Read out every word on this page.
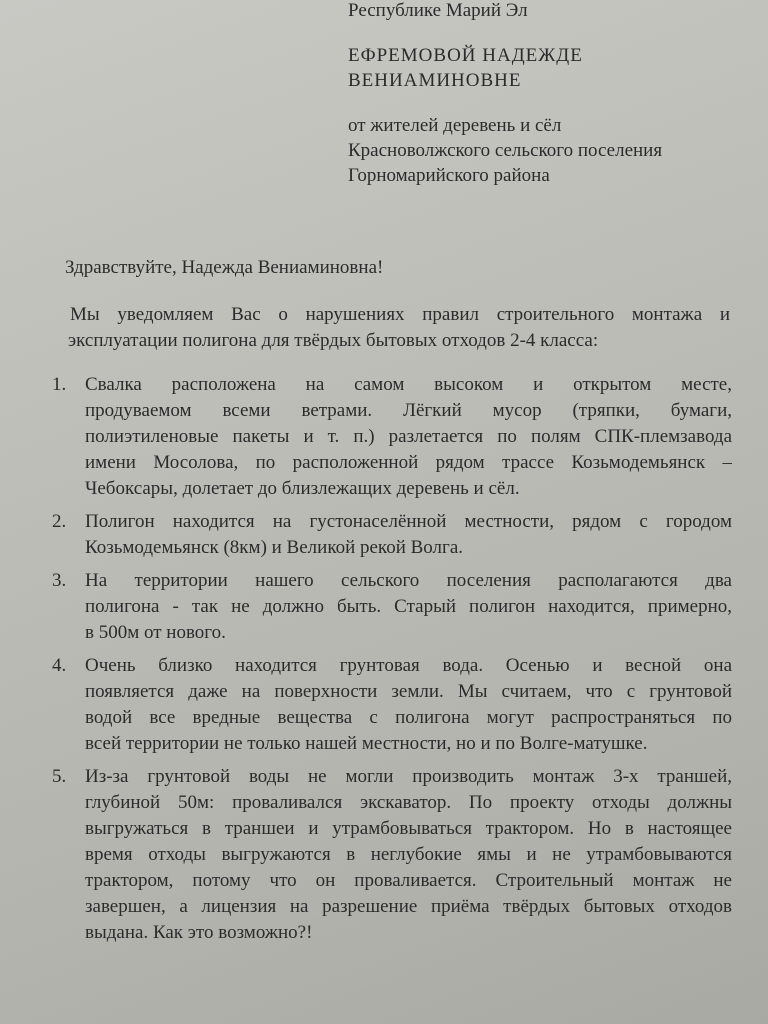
Республике Марий Эл
ЕФРЕМОВОЙ НАДЕЖДЕ
ВЕНИАМИНОВНЕ
от жителей деревень и сёл
Красноволжского сельского поселения
Горномарийского района
Здравствуйте, Надежда Вениаминовна!
Мы уведомляем Вас о нарушениях правил строительного монтажа и
эксплуатации полигона для твёрдых бытовых отходов 2-4 класса:
1. Свалка расположена на самом высоком и открытом месте,
продуваемом всеми ветрами. Лёгкий мусор (тряпки, бумаги,
полиэтиленовые пакеты и т. п.) разлетается по полям СПК-племзавода
имени Мосолова, по расположенной рядом трассе Козьмодемьянск –
Чебоксары, долетает до близлежащих деревень и сёл.
2. Полигон находится на густонаселённой местности, рядом с городом
Козьмодемьянск (8км) и Великой рекой Волга.
3. На территории нашего сельского поселения располагаются два
полигона - так не должно быть. Старый полигон находится, примерно,
в 500м от нового.
4. Очень близко находится грунтовая вода. Осенью и весной она
появляется даже на поверхности земли. Мы считаем, что с грунтовой
водой все вредные вещества с полигона могут распространяться по
всей территории не только нашей местности, но и по Волге-матушке.
5. Из-за грунтовой воды не могли производить монтаж 3-х траншей,
глубиной 50м: проваливался экскаватор. По проекту отходы должны
выгружаться в траншеи и утрамбовываться трактором. Но в настоящее
время отходы выгружаются в неглубокие ямы и не утрамбовываются
трактором, потому что он проваливается. Строительный монтаж не
завершен, а лицензия на разрешение приёма твёрдых бытовых отходов
выдана. Как это возможно?!
